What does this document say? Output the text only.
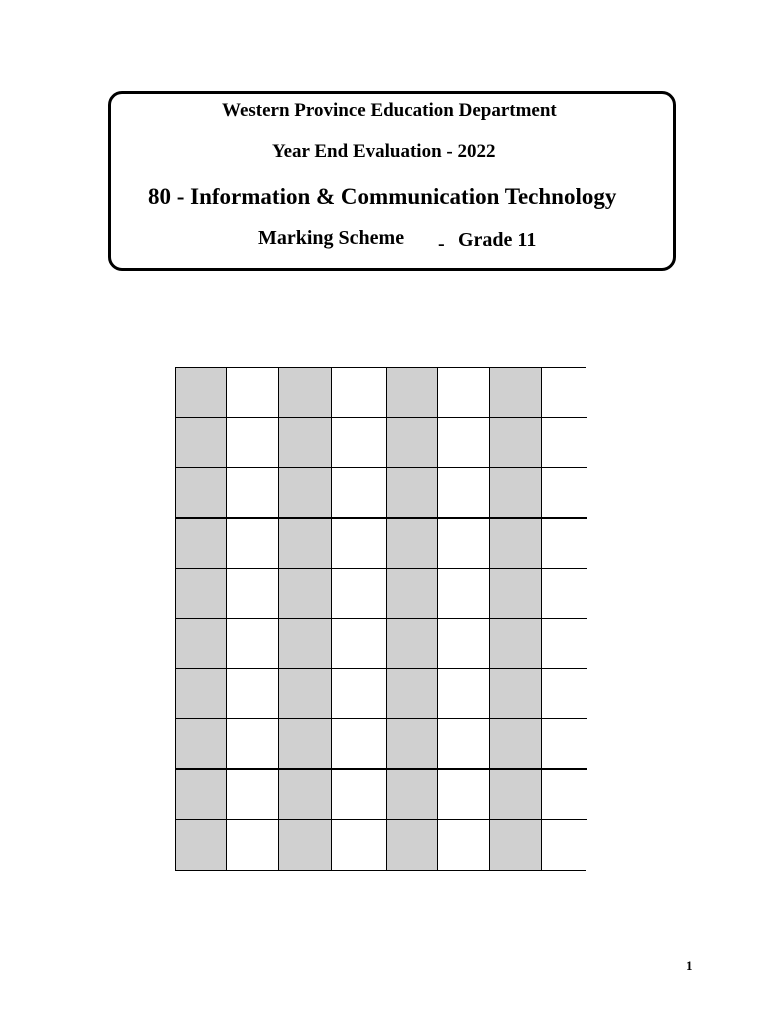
Western Province Education Department
Year End Evaluation - 2022
80 - Information & Communication Technology
Marking Scheme - Grade 11
1
